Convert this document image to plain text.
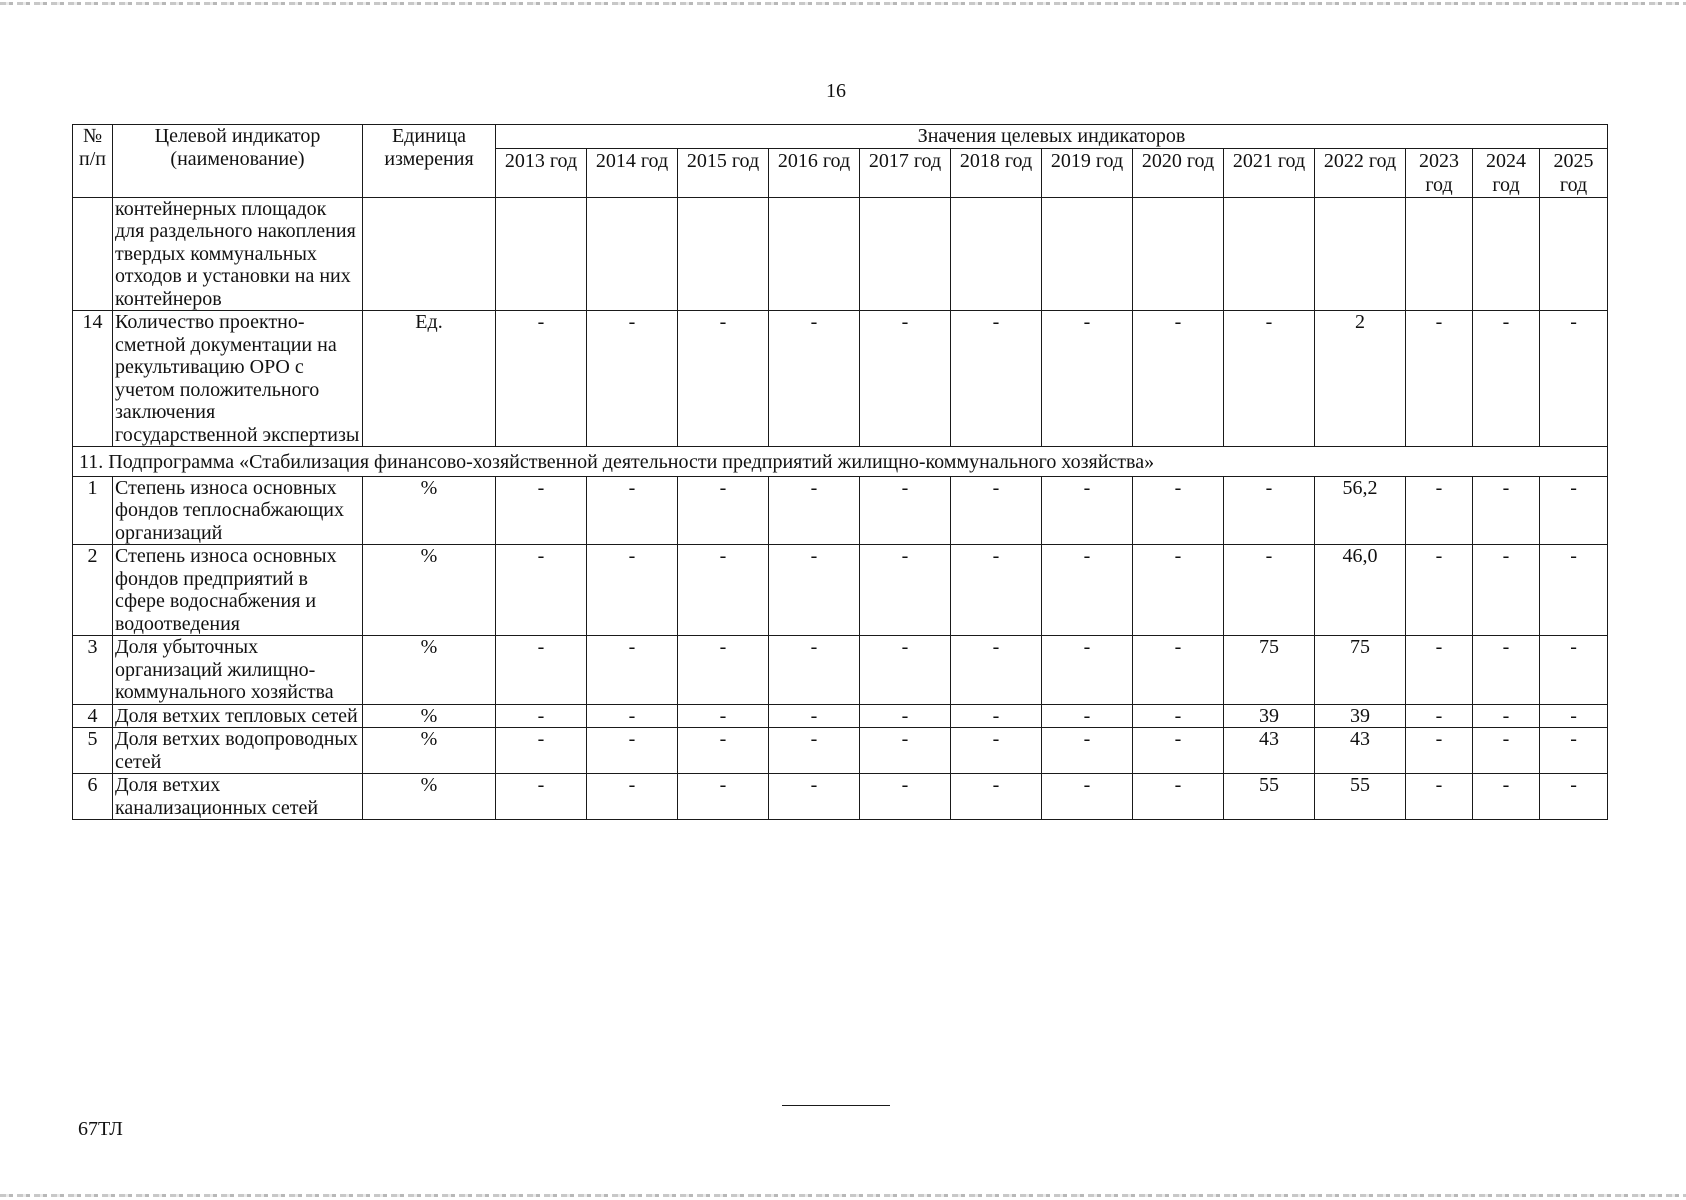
16
№ п/п	Целевой индикатор (наименование)	Единица измерения	Значения целевых индикаторов												
			2013 год	2014 год	2015 год	2016 год	2017 год	2018 год	2019 год	2020 год	2021 год	2022 год	2023 год	2024 год	2025 год
	контейнерных площадок для раздельного накопления твердых коммунальных отходов и установки на них контейнеров														
14	Количество проектно-сметной документации на рекультивацию ОРО с учетом положительного заключения государственной экспертизы	Ед.	-	-	-	-	-	-	-	-	-	2	-	-	-
11. Подпрограмма «Стабилизация финансово-хозяйственной деятельности предприятий жилищно-коммунального хозяйства»															
1	Степень износа основных фондов теплоснабжающих организаций	%	-	-	-	-	-	-	-	-	-	56,2	-	-	-
2	Степень износа основных фондов предприятий в сфере водоснабжения и водоотведения	%	-	-	-	-	-	-	-	-	-	46,0	-	-	-
3	Доля убыточных организаций жилищно-коммунального хозяйства	%	-	-	-	-	-	-	-	-	75	75	-	-	-
4	Доля ветхих тепловых сетей	%	-	-	-	-	-	-	-	-	39	39	-	-	-
5	Доля ветхих водопроводных сетей	%	-	-	-	-	-	-	-	-	43	43	-	-	-
6	Доля ветхих канализационных сетей	%	-	-	-	-	-	-	-	-	55	55	-	-	-
67ТЛ
